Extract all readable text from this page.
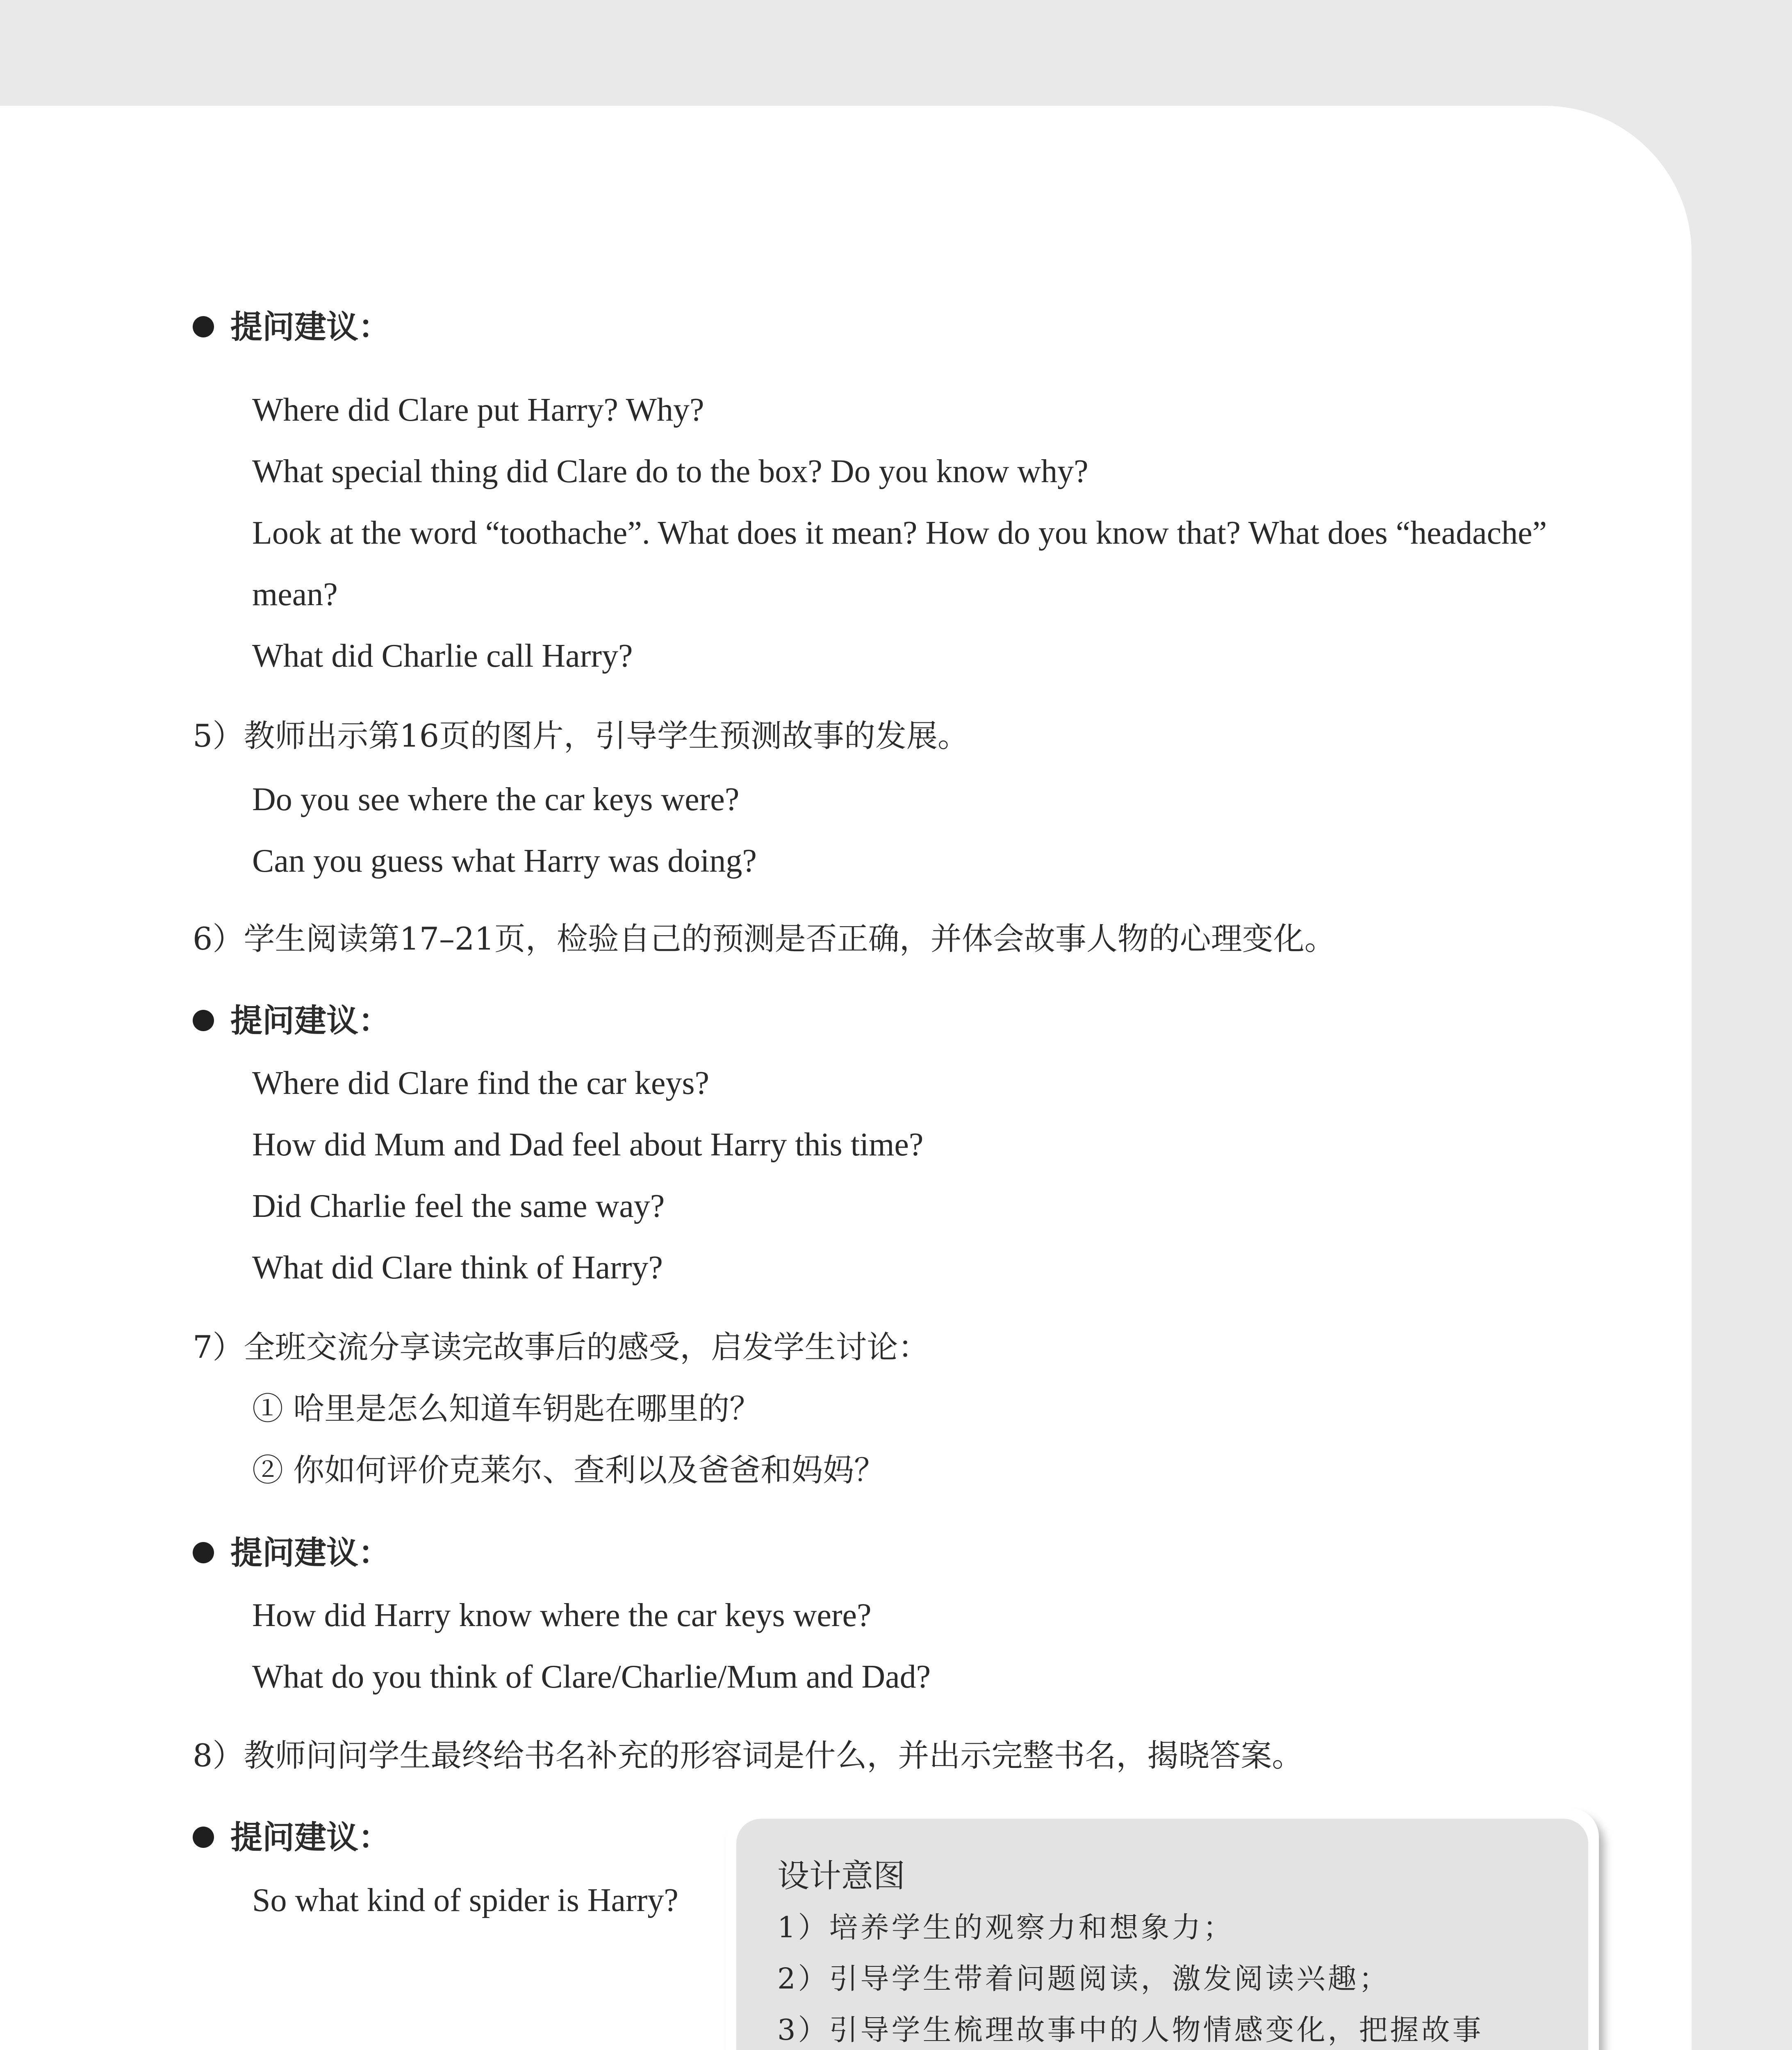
提问建议：
Where did Clare put Harry? Why?
What special thing did Clare do to the box? Do you know why?
Look at the word “toothache”. What does it mean? How do you know that? What does “headache”
mean?
What did Charlie call Harry?
5）教师出示第16页的图片，引导学生预测故事的发展。
Do you see where the car keys were?
Can you guess what Harry was doing?
6）学生阅读第17–21页，检验自己的预测是否正确，并体会故事人物的心理变化。
提问建议：
Where did Clare find the car keys?
How did Mum and Dad feel about Harry this time?
Did Charlie feel the same way?
What did Clare think of Harry?
7）全班交流分享读完故事后的感受，启发学生讨论：
① 哈里是怎么知道车钥匙在哪里的？
② 你如何评价克莱尔、查利以及爸爸和妈妈？
提问建议：
How did Harry know where the car keys were?
What do you think of Clare/Charlie/Mum and Dad?
8）教师问问学生最终给书名补充的形容词是什么，并出示完整书名，揭晓答案。
提问建议：
So what kind of spider is Harry?
设计意图
1）培养学生的观察力和想象力；
2）引导学生带着问题阅读，激发阅读兴趣；
3）引导学生梳理故事中的人物情感变化，把握故事
